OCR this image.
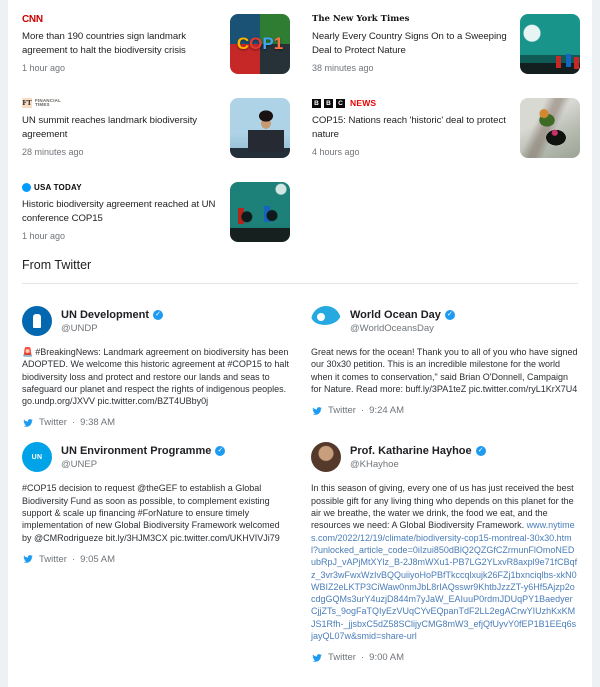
CNN
More than 190 countries sign landmark agreement to halt the biodiversity crisis
1 hour ago
C O P 1
The New York Times
Nearly Every Country Signs On to a Sweeping Deal to Protect Nature
38 minutes ago
FT FINANCIAL
TIMES
UN summit reaches landmark biodiversity agreement
28 minutes ago
B	B	C NEWS
COP15: Nations reach 'historic' deal to protect nature
4 hours ago
USA TODAY
Historic biodiversity agreement reached at UN conference COP15
1 hour ago
From Twitter
UN Development ✓
@UNDP

🚨 #BreakingNews: Landmark agreement on biodiversity has been ADOPTED. We welcome this historic agreement at #COP15 to halt biodiversity loss and protect and restore our lands and seas to safeguard our planet and respect the rights of indigenous peoples. go.undp.org/JXVV pic.twitter.com/BZT4UBby0j

Twitter · 9:38 AM
World Ocean Day ✓
@WorldOceansDay

Great news for the ocean! Thank you to all of you who have signed our 30x30 petition. This is an incredible milestone for the world when it comes to conservation," said Brian O'Donnell, Campaign for Nature. Read more: buff.ly/3PA1teZ pic.twitter.com/ryL1KrX7U4

Twitter · 9:24 AM
UN
UN Environment Programme ✓
@UNEP

#COP15 decision to request @theGEF to establish a Global Biodiversity Fund as soon as possible, to complement existing support & scale up financing #ForNature to ensure timely implementation of new Global Biodiversity Framework welcomed by @CMRodrigueze bit.ly/3HJM3CX pic.twitter.com/UKHVIVJi79

Twitter · 9:05 AM
Prof. Katharine Hayhoe ✓
@KHayhoe

In this season of giving, every one of us has just received the best possible gift for any living thing who depends on this planet for the air we breathe, the water we drink, the food we eat, and the resources we need: A Global Biodiversity Framework. www.nytimes.com/2022/12/19/climate/biodiversity-cop15-montreal-30x30.html?unlocked_article_code=0iIzui850dBlQ2QZGfCZrmunFlOmoNEDubRpJ_vAPjMtXYlz_B-2J8mWXu1-PB7LG2YLxvR8axpl9e71fCBqfz_3vr3wFwxWzIvBQQuiiyoHoPBfTkccqlxujk26FZj1bxnciqlbs-xkN0WBIZ2eLKTP3CiWaw0nmJbL8rIAQsswr9KhtbJzzZT-y6Hf5Ajzp2ocdgGQMs3urY4uzjD844m7yJaW_EAIuuP0rdmJDUqPY1BaedyerCjjZTs_9ogFaTQIyEzVUqCYvEQpanTdF2LL2egACrwYIUzhKxKMJS1Rfh-_jjsbxC5dZ58SClijyCMG8mW3_efjQfUyvY0fEP1B1EEq6sjayQL07w&smid=share-url

Twitter · 9:00 AM
